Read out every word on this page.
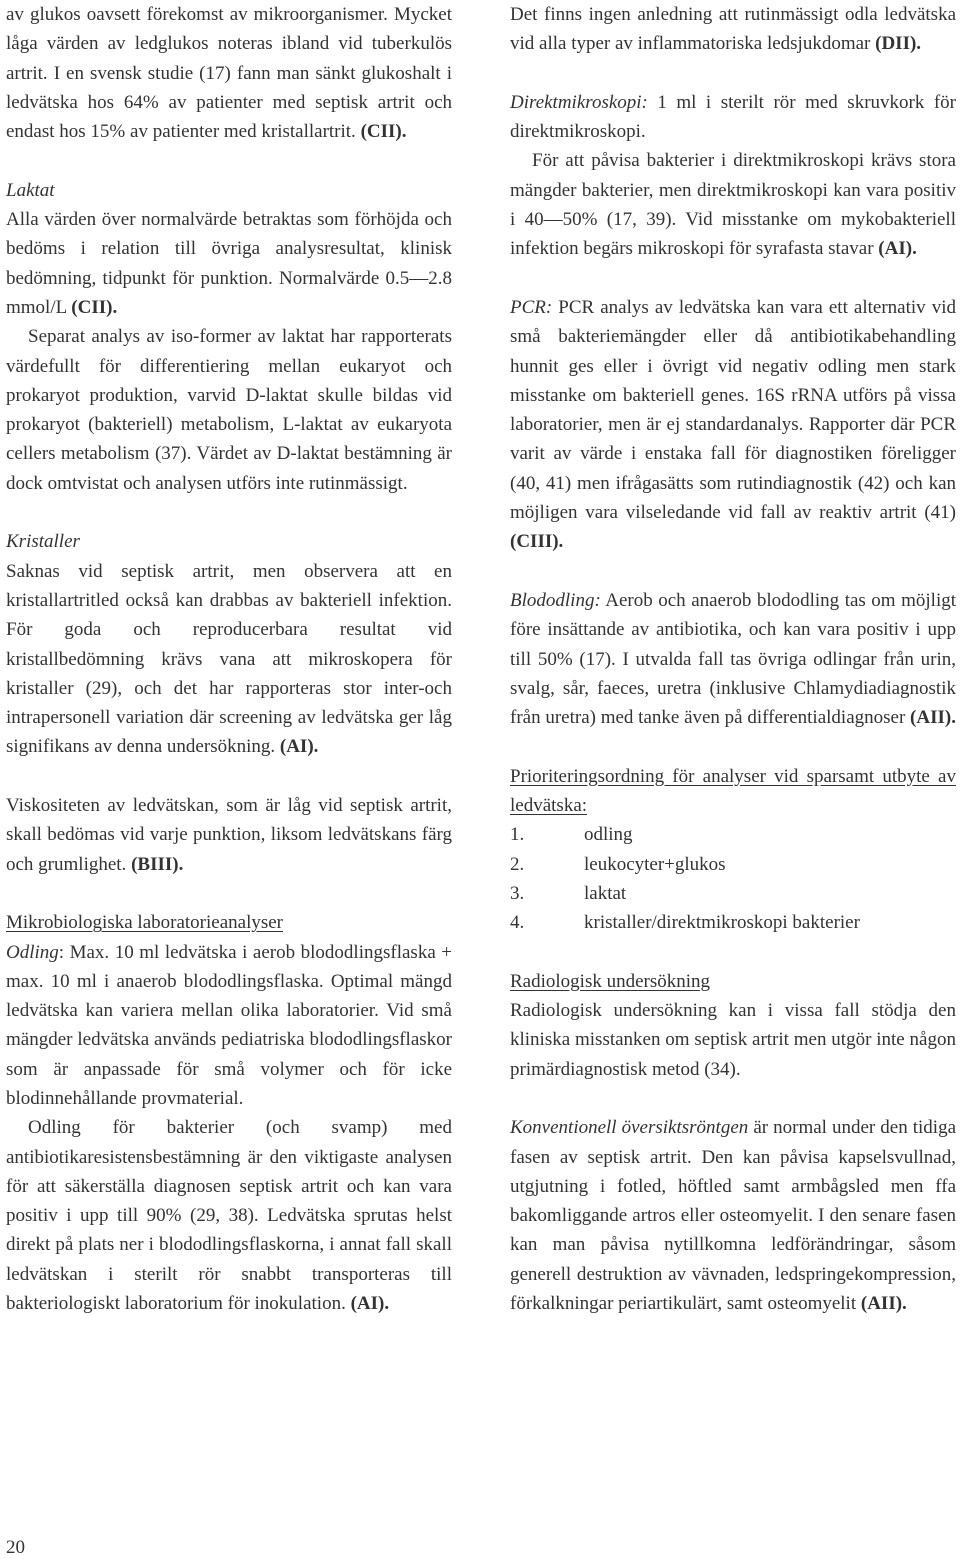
av glukos oavsett förekomst av mikroorganismer. Mycket låga värden av ledglukos noteras ibland vid tuberkulös artrit. I en svensk studie (17) fann man sänkt glukoshalt i ledvätska hos 64% av patienter med septisk artrit och endast hos 15% av patienter med kristallartrit. (CII).

Laktat

Alla värden över normalvärde betraktas som förhöjda och bedöms i relation till övriga analysresultat, klinisk bedömning, tidpunkt för punktion. Normalvärde 0.5—2.8 mmol/L (CII).

Separat analys av iso-former av laktat har rapporterats värdefullt för differentiering mellan eukaryot och prokaryot produktion, varvid D-laktat skulle bildas vid prokaryot (bakteriell) metabolism, L-laktat av eukaryota cellers metabolism (37). Värdet av D-laktat bestämning är dock omtvistat och analysen utförs inte rutinmässigt.

Kristaller

Saknas vid septisk artrit, men observera att en kristallartritled också kan drabbas av bakteriell infektion. För goda och reproducerbara resultat vid kristallbedömning krävs vana att mikroskopera för kristaller (29), och det har rapporteras stor inter-och intrapersonell variation där screening av ledvätska ger låg signifikans av denna undersökning. (AI).

Viskositeten av ledvätskan, som är låg vid septisk artrit, skall bedömas vid varje punktion, liksom ledvätskans färg och grumlighet. (BIII).

Mikrobiologiska laboratorieanalyser

Odling: Max. 10 ml ledvätska i aerob blododlingsflaska + max. 10 ml i anaerob blododlingsflaska. Optimal mängd ledvätska kan variera mellan olika laboratorier. Vid små mängder ledvätska används pediatriska blododlingsflaskor som är anpassade för små volymer och för icke blodinnehållande provmaterial.

Odling för bakterier (och svamp) med antibiotikaresistensbestämning är den viktigaste analysen för att säkerställa diagnosen septisk artrit och kan vara positiv i upp till 90% (29, 38). Ledvätska sprutas helst direkt på plats ner i blododlingsflaskorna, i annat fall skall ledvätskan i sterilt rör snabbt transporteras till bakteriologiskt laboratorium för inokulation. (AI).

Det finns ingen anledning att rutinmässigt odla ledvätska vid alla typer av inflammatoriska ledsjukdomar (DII).

Direktmikroskopi: 1 ml i sterilt rör med skruvkork för direktmikroskopi.

För att påvisa bakterier i direktmikroskopi krävs stora mängder bakterier, men direktmikroskopi kan vara positiv i 40—50% (17, 39). Vid misstanke om mykobakteriell infektion begärs mikroskopi för syrafasta stavar (AI).

PCR: PCR analys av ledvätska kan vara ett alternativ vid små bakteriemängder eller då antibiotikabehandling hunnit ges eller i övrigt vid negativ odling men stark misstanke om bakteriell genes. 16S rRNA utförs på vissa laboratorier, men är ej standardanalys. Rapporter där PCR varit av värde i enstaka fall för diagnostiken föreligger (40, 41) men ifrågasätts som rutindiagnostik (42) och kan möjligen vara vilseledande vid fall av reaktiv artrit (41) (CIII).

Blododling: Aerob och anaerob blododling tas om möjligt före insättande av antibiotika, och kan vara positiv i upp till 50% (17). I utvalda fall tas övriga odlingar från urin, svalg, sår, faeces, uretra (inklusive Chlamydiadiagnostik från uretra) med tanke även på differentialdiagnoser (AII).

Prioriteringsordning för analyser vid sparsamt utbyte av ledvätska:

1.	odling
2.	leukocyter+glukos
3.	laktat
4.	kristaller/direktmikroskopi bakterier
Radiologisk undersökning

Radiologisk undersökning kan i vissa fall stödja den kliniska misstanken om septisk artrit men utgör inte någon primärdiagnostisk metod (34).

Konventionell översiktsröntgen är normal under den tidiga fasen av septisk artrit. Den kan påvisa kapselsvullnad, utgjutning i fotled, höftled samt armbågsled men ffa bakomliggande artros eller osteomyelit. I den senare fasen kan man påvisa nytillkomna ledförändringar, såsom generell destruktion av vävnaden, ledspringekompression, förkalkningar periartikulärt, samt osteomyelit (AII).

20
